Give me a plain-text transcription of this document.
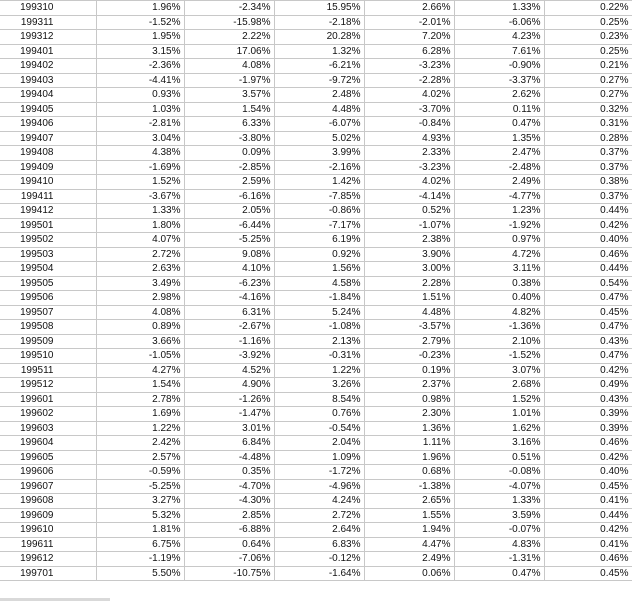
199310	1.96%	-2.34%	15.95%	2.66%	1.33%	0.22%
199311	-1.52%	-15.98%	-2.18%	-2.01%	-6.06%	0.25%
199312	1.95%	2.22%	20.28%	7.20%	4.23%	0.23%
199401	3.15%	17.06%	1.32%	6.28%	7.61%	0.25%
199402	-2.36%	4.08%	-6.21%	-3.23%	-0.90%	0.21%
199403	-4.41%	-1.97%	-9.72%	-2.28%	-3.37%	0.27%
199404	0.93%	3.57%	2.48%	4.02%	2.62%	0.27%
199405	1.03%	1.54%	4.48%	-3.70%	0.11%	0.32%
199406	-2.81%	6.33%	-6.07%	-0.84%	0.47%	0.31%
199407	3.04%	-3.80%	5.02%	4.93%	1.35%	0.28%
199408	4.38%	0.09%	3.99%	2.33%	2.47%	0.37%
199409	-1.69%	-2.85%	-2.16%	-3.23%	-2.48%	0.37%
199410	1.52%	2.59%	1.42%	4.02%	2.49%	0.38%
199411	-3.67%	-6.16%	-7.85%	-4.14%	-4.77%	0.37%
199412	1.33%	2.05%	-0.86%	0.52%	1.23%	0.44%
199501	1.80%	-6.44%	-7.17%	-1.07%	-1.92%	0.42%
199502	4.07%	-5.25%	6.19%	2.38%	0.97%	0.40%
199503	2.72%	9.08%	0.92%	3.90%	4.72%	0.46%
199504	2.63%	4.10%	1.56%	3.00%	3.11%	0.44%
199505	3.49%	-6.23%	4.58%	2.28%	0.38%	0.54%
199506	2.98%	-4.16%	-1.84%	1.51%	0.40%	0.47%
199507	4.08%	6.31%	5.24%	4.48%	4.82%	0.45%
199508	0.89%	-2.67%	-1.08%	-3.57%	-1.36%	0.47%
199509	3.66%	-1.16%	2.13%	2.79%	2.10%	0.43%
199510	-1.05%	-3.92%	-0.31%	-0.23%	-1.52%	0.47%
199511	4.27%	4.52%	1.22%	0.19%	3.07%	0.42%
199512	1.54%	4.90%	3.26%	2.37%	2.68%	0.49%
199601	2.78%	-1.26%	8.54%	0.98%	1.52%	0.43%
199602	1.69%	-1.47%	0.76%	2.30%	1.01%	0.39%
199603	1.22%	3.01%	-0.54%	1.36%	1.62%	0.39%
199604	2.42%	6.84%	2.04%	1.11%	3.16%	0.46%
199605	2.57%	-4.48%	1.09%	1.96%	0.51%	0.42%
199606	-0.59%	0.35%	-1.72%	0.68%	-0.08%	0.40%
199607	-5.25%	-4.70%	-4.96%	-1.38%	-4.07%	0.45%
199608	3.27%	-4.30%	4.24%	2.65%	1.33%	0.41%
199609	5.32%	2.85%	2.72%	1.55%	3.59%	0.44%
199610	1.81%	-6.88%	2.64%	1.94%	-0.07%	0.42%
199611	6.75%	0.64%	6.83%	4.47%	4.83%	0.41%
199612	-1.19%	-7.06%	-0.12%	2.49%	-1.31%	0.46%
199701	5.50%	-10.75%	-1.64%	0.06%	0.47%	0.45%
